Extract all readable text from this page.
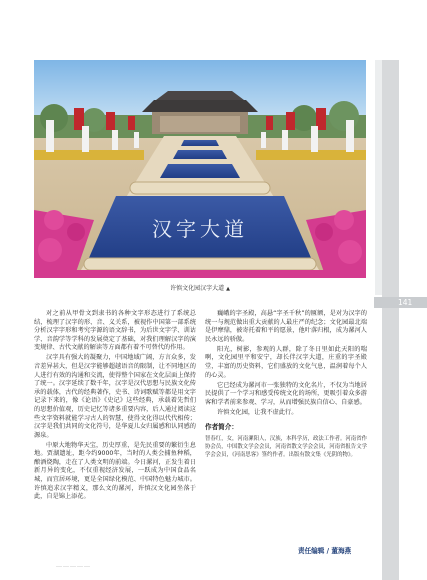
汉字大道
许慎文化园汉字大道 ▲
141

对之前从甲骨文到隶书的各种文字形态进行了系统总结，梳理了汉字的形、音、义关系，被视作中国第一部系统分析汉字字形和考究字源的语文辞书，为后世文字学、训诂学、音韵学等学科的发展奠定了基础，对我们理解汉字的演变规律、古代文献的解读等方面都有着不可替代的作用。

汉字具有强大的凝聚力，中国地域广阔，方言众多，发音差异甚大，但是汉字能够超越语音的限制，让不同地区的人进行有效的沟通和交流，使得整个国家在文化层面上保持了统一。汉字延续了数千年，汉字是汉代思想与民族文化传承的载体，古代的经典著作，史书、诗词歌赋等都是用文字记录下来的，像《论语》《史记》这些经典，承载着先哲们的思想价值观，历史记忆等诸多重要内容，后人通过阅读这些文字资料就能学习古人的智慧，使得文化得以代代相传；汉字是我们共同的文化符号，是华夏儿女归属感和认同感的源泉。

中原大地物华天宝，历史厚重，是先民重要的繁衍生息地。贾湖遗址，距今约9000年，当时的人类会捕鱼种稻，酿酒烧陶，走在了人类文明的前端。今日漯河，正发生着日新月异的变化，不仅重视经济发展，一跃成为中国食品名城，而宜居环境，更是全国绿化模范、中国特色魅力城市。许慎追求汉字精义，那么文的漯河，许慎汉文化园坐落于此，自是锦上添花。

巍峨的字圣殿，高悬“字圣千秋”的匾额，是对为汉字的统一与规范做出重大贡献的人最庄严的纪念；文化园最北端是伊摩鼎，被寄托着和平的愿景，他叶落归根，成为漯河人民永远的骄傲。

阳光，树影，参观的人群，除了冬日里如此天阳的喘啊，文化园里平和安宁，却长伴汉字大道，庄重的字圣殿堂，丰富的历史资料，它们盛放的文化气息，温润着每个人的心灵。

它已经成为漯河市一张独特的文化名片，不仅为当地居民提供了一个学习和感受传统文化的场所，更吸引着众多游客和学者前来参观、学习，从而增强民族自信心、自豪感。

许慎文化园，让我不虚此行。

作者简介：
智春红，女，河南漯阳人，汉族，本科学历，政法工作者。河南省作协会员，中国散文学会会员，河南省散文学会会员，河南省报告文学学会会员，《河南思客》签约作者。出版有散文集《光阴的物》。
责任编辑 / 董海燕
……………
